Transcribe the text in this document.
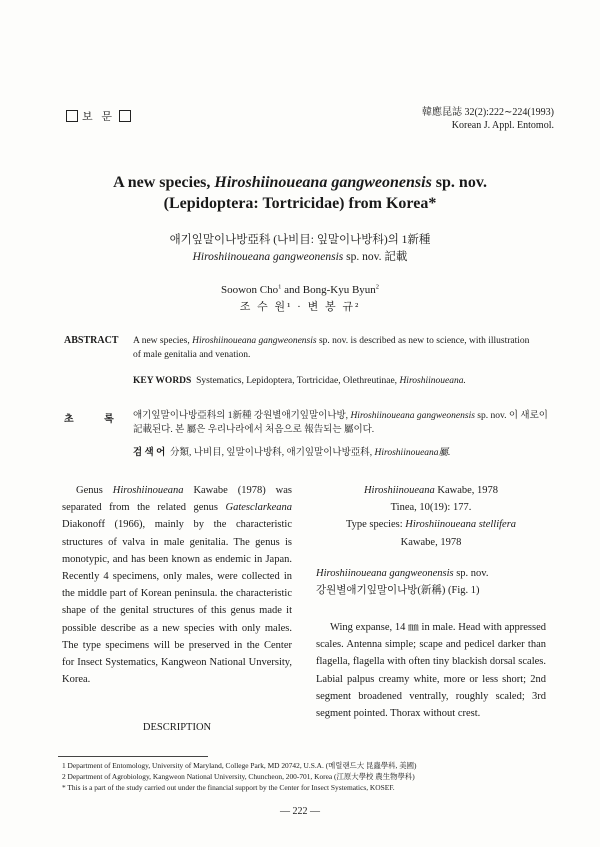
보 문	韓應昆誌 32(2):222∼224(1993)
Korean J. Appl. Entomol.
A new species, Hiroshiinoueana gangweonensis sp. nov.
(Lepidoptera: Tortricidae) from Korea*
애기잎말이나방亞科 (나비目: 잎말이나방科)의 1新種
Hiroshiinoueana gangweonensis sp. nov. 記載
Soowon Cho$^1$ and Bong-Kyu Byun$^2$
조 수 원¹ · 변 봉 규²
ABSTRACT A new species, Hiroshiinoueana gangweonensis sp. nov. is described as new to science, with illustration of male genitalia and venation.
KEY WORDS Systematics, Lepidoptera, Tortricidae, Olethreutinae, Hiroshiinoueana.
초 록 애기잎말이나방亞科의 1新種 강원별애기잎말이나방, Hiroshiinoueana gangweonensis sp. nov. 이 새로이 記載된다. 본 屬은 우리나라에서 처음으로 報告되는 屬이다.
검 색 어 分類, 나비目, 잎말이나방科, 애기잎말이나방亞科, Hiroshiinoueana屬.

Genus Hiroshiinoueana Kawabe (1978) was separated from the related genus Gatesclarkeana Diakonoff (1966), mainly by the characteristic structures of valva in male genitalia. The genus is monotypic, and has been known as endemic in Japan. Recently 4 specimens, only males, were collected in the middle part of Korean peninsula. the characteristic shape of the genital structures of this genus made it possible describe as a new species with only males. The type specimens will be preserved in the Center for Insect Systematics, Kangweon National Unversity, Korea.

DESCRIPTION
Hiroshiinoueana Kawabe, 1978
Tinea, 10(19): 177.
Type species: Hiroshiinoueana stellifera
Kawabe, 1978
Hiroshiinoueana gangweonensis sp. nov.
강원별애기잎말이나방(新稱) (Fig. 1)

Wing expanse, 14 ㎜ in male. Head with appressed scales. Antenna simple; scape and pedicel darker than flagella, flagella with often tiny blackish dorsal scales. Labial palpus creamy white, more or less short; 2nd segment broadened ventrally, roughly scaled; 3rd segment pointed. Thorax without crest.

1 Department of Entomology, University of Maryland, College Park, MD 20742, U.S.A. (메릴랜드大 昆蟲學科, 美國)
2 Department of Agrobiology, Kangweon National University, Chuncheon, 200-701, Korea (江原大學校 農生物學科)
* This is a part of the study carried out under the financial support by the Center for Insect Systematics, KOSEF.
— 222 —
